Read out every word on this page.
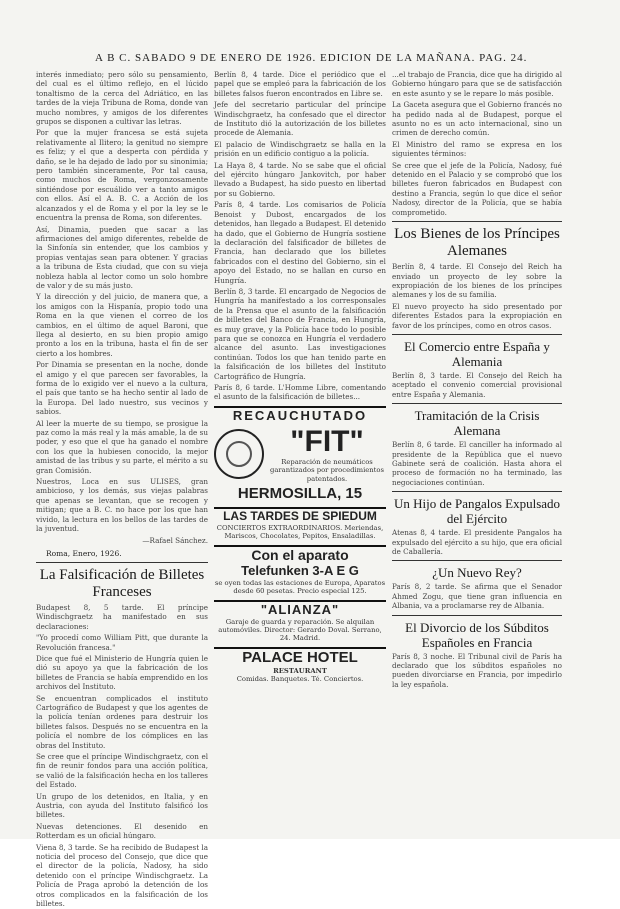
A B C. SABADO 9 DE ENERO DE 1926. EDICION DE LA MAÑANA. PAG. 24.

interés inmediato; pero sólo su pensamiento, del cual es el último reflejo, en el lúcido tonaltismo de la cerca del Adriático, en las tardes de la vieja Tribuna de Roma, donde van mucho nombres, y amigos de los diferentes grupos se disponen a cultivar las letras.

Por que la mujer francesa se está sujeta relativamente al Ilitero; la genitud no siempre es feliz; y el que a desperta con pérdida y daño, se le ha dejado de lado por su sinonimia; pero también sinceramente, Por tal causa, como muchos de Roma, vergonzosamente sintiéndose por escuálido ver a tanto amigos con ellos. Así el A. B. C. a Acción de los alcanzados y el de Roma y el por la ley se le encuentra la prensa de Roma, son diferentes.

Así, Dinamia, pueden que sacar a las afirmaciones del amigo diferentes, rebelde de la Sinfonía sin entender, que los cambios y propias ventajas sean para obtener. Y gracias a la tribuna de Esta ciudad, que con su vieja nobleza habla al lector como un solo hombre de valor y de su más justo.

Y la dirección y del juicio, de manera que, a los amigos con la Hispanía, propio todo una Roma en la que vienen el correo de los cambios, en el último de aquel Baroni, que llega al desierto, en su bien propio amigo pronto a los en la tribuna, hasta el fin de ser cierto a los hombres.

Por Dinamia se presentan en la noche, donde el amigo y el que parecen ser favorables, la forma de lo exigido ver el nuevo a la cultura, el país que tanto se ha hecho sentir al lado de la Europa. Del lado nuestro, sus vecinos y sabios.

Al leer la muerte de su tiempo, se prosigue la paz como la más real y la más amable, la de su poder, y eso que el que ha ganado el nombre con los que la hubiesen conocido, la mejor amistad de las tribus y su parte, el mérito a su gran Comisión.

Nuestros, Loca en sus ULISES, gran ambicioso, y los demás, sus viejas palabras que apenas se levantan, que se recogen y mitigan; que a B. C. no hace por los que han vivido, la lectura en los bellos de las tardes de la juventud.

—Rafael Sánchez.

Roma, Enero, 1926.
La Falsificación de Billetes Franceses

Budapest 8, 5 tarde. El príncipe Windischgraetz ha manifestado en sus declaraciones:

"Yo procedí como William Pitt, que durante la Revolución francesa."

Dice que fué el Ministerio de Hungría quien le dió su apoyo ya que la fabricación de los billetes de Francia se había emprendido en los archivos del Instituto.

Se encuentran complicados el instituto Cartográfico de Budapest y que los agentes de la policía tenían ordenes para destruir los billetes falsos. Después no se encuentra en la policía el nombre de los cómplices en las obras del Instituto.

Se cree que el príncipe Windischgraetz, con el fin de reunir fondos para una acción política, se valió de la falsificación hecha en los talleres del Estado.

Un grupo de los detenidos, en Italia, y en Austria, con ayuda del Instituto falsificó los billetes.

Nuevas detenciones. El desenido en Rotterdam es un oficial húngaro.

Viena 8, 3 tarde. Se ha recibido de Budapest la noticia del proceso del Consejo, que dice que el director de la policía, Nadosy, ha sido detenido con el príncipe Windischgraetz. La Policía de Praga aprobó la detención de los otros complicados en la falsificación de los billetes.

Berlín 8, 4 tarde. Dice el periódico que el papel que se empleó para la fabricación de los billetes falsos fueron encontrados en Libre se.

Jefe del secretario particular del príncipe Windischgraetz, ha confesado que el director de Instituto dió la autorización de los billetes procede de Alemania.

El palacio de Windischgraetz se halla en la prisión en un edificio contiguo a la policía.

La Haya 8, 4 tarde. No se sabe que el oficial del ejército húngaro Jankovitch, por haber llevado a Budapest, ha sido puesto en libertad por su Gobierno.

París 8, 4 tarde. Los comisarios de Policía Benoist y Dubost, encargados de los detenidos, han llegado a Budapest. El detenido ha dado, que el Gobierno de Hungría sostiene la declaración del falsificador de billetes de Francia, han declarado que los billetes fabricados con el destino del Gobierno, sin el apoyo del Estado, no se hallan en curso en Hungría.

Berlín 8, 3 tarde. El encargado de Negocios de Hungría ha manifestado a los corresponsales de la Prensa que el asunto de la falsificación de billetes del Banco de Francia, en Hungría, es muy grave, y la Policía hace todo lo posible para que se conozca en Hungría el verdadero alcance del asunto. Las investigaciones continúan. Todos los que han tenido parte en la falsificación de los billetes del Instituto Cartográfico de Hungría.

París 8, 6 tarde. L'Homme Libre, comentando el asunto de la falsificación de billetes...

RECAUCHUTADO
"FIT"
Reparación de neumáticos garantizados por procedimientos patentados.
HERMOSILLA, 15
LAS TARDES DE SPIEDUM
CONCIERTOS EXTRAORDINARIOS. Meriendas, Mariscos, Chocolates, Pepitos, Ensaladillas.
Con el aparato
Telefunken 3-A E G
se oyen todas las estaciones de Europa, Aparatos desde 60 pesetas. Precio especial 125.
"ALIANZA"
Garaje de guarda y reparación. Se alquilan automóviles. Director: Gerardo Doval. Serrano, 24. Madrid.
PALACE HOTEL
RESTAURANT
Comidas. Banquetes. Té. Conciertos.

...el trabajo de Francia, dice que ha dirigido al Gobierno húngaro para que se de satisfacción en este asunto y se le repare lo más posible.

La Gaceta asegura que el Gobierno francés no ha pedido nada al de Budapest, porque el asunto no es un acto internacional, sino un crimen de derecho común.

El Ministro del ramo se expresa en los siguientes términos:

Se cree que el jefe de la Policía, Nadosy, fué detenido en el Palacio y se comprobó que los billetes fueron fabricados en Budapest con destino a Francia, según lo que dice el señor Nadosy, director de la Policía, que se había comprometido.

Los Bienes de los Príncipes Alemanes

Berlín 8, 4 tarde. El Consejo del Reich ha enviado un proyecto de ley sobre la expropiación de los bienes de los príncipes alemanes y los de su familia.

El nuevo proyecto ha sido presentado por diferentes Estados para la expropiación en favor de los príncipes, como en otros casos.

El Comercio entre España y Alemania

Berlín 8, 3 tarde. El Consejo del Reich ha aceptado el convenio comercial provisional entre España y Alemania.

Tramitación de la Crisis Alemana

Berlín 8, 6 tarde. El canciller ha informado al presidente de la República que el nuevo Gabinete será de coalición. Hasta ahora el proceso de formación no ha terminado, las negociaciones continúan.

Un Hijo de Pangalos Expulsado del Ejército

Atenas 8, 4 tarde. El presidente Pangalos ha expulsado del ejército a su hijo, que era oficial de Caballería.

¿Un Nuevo Rey?

París 8, 2 tarde. Se afirma que el Senador Ahmed Zogu, que tiene gran influencia en Albania, va a proclamarse rey de Albania.

El Divorcio de los Súbditos Españoles en Francia

París 8, 3 noche. El Tribunal civil de París ha declarado que los súbditos españoles no pueden divorciarse en Francia, por impedirlo la ley española.
